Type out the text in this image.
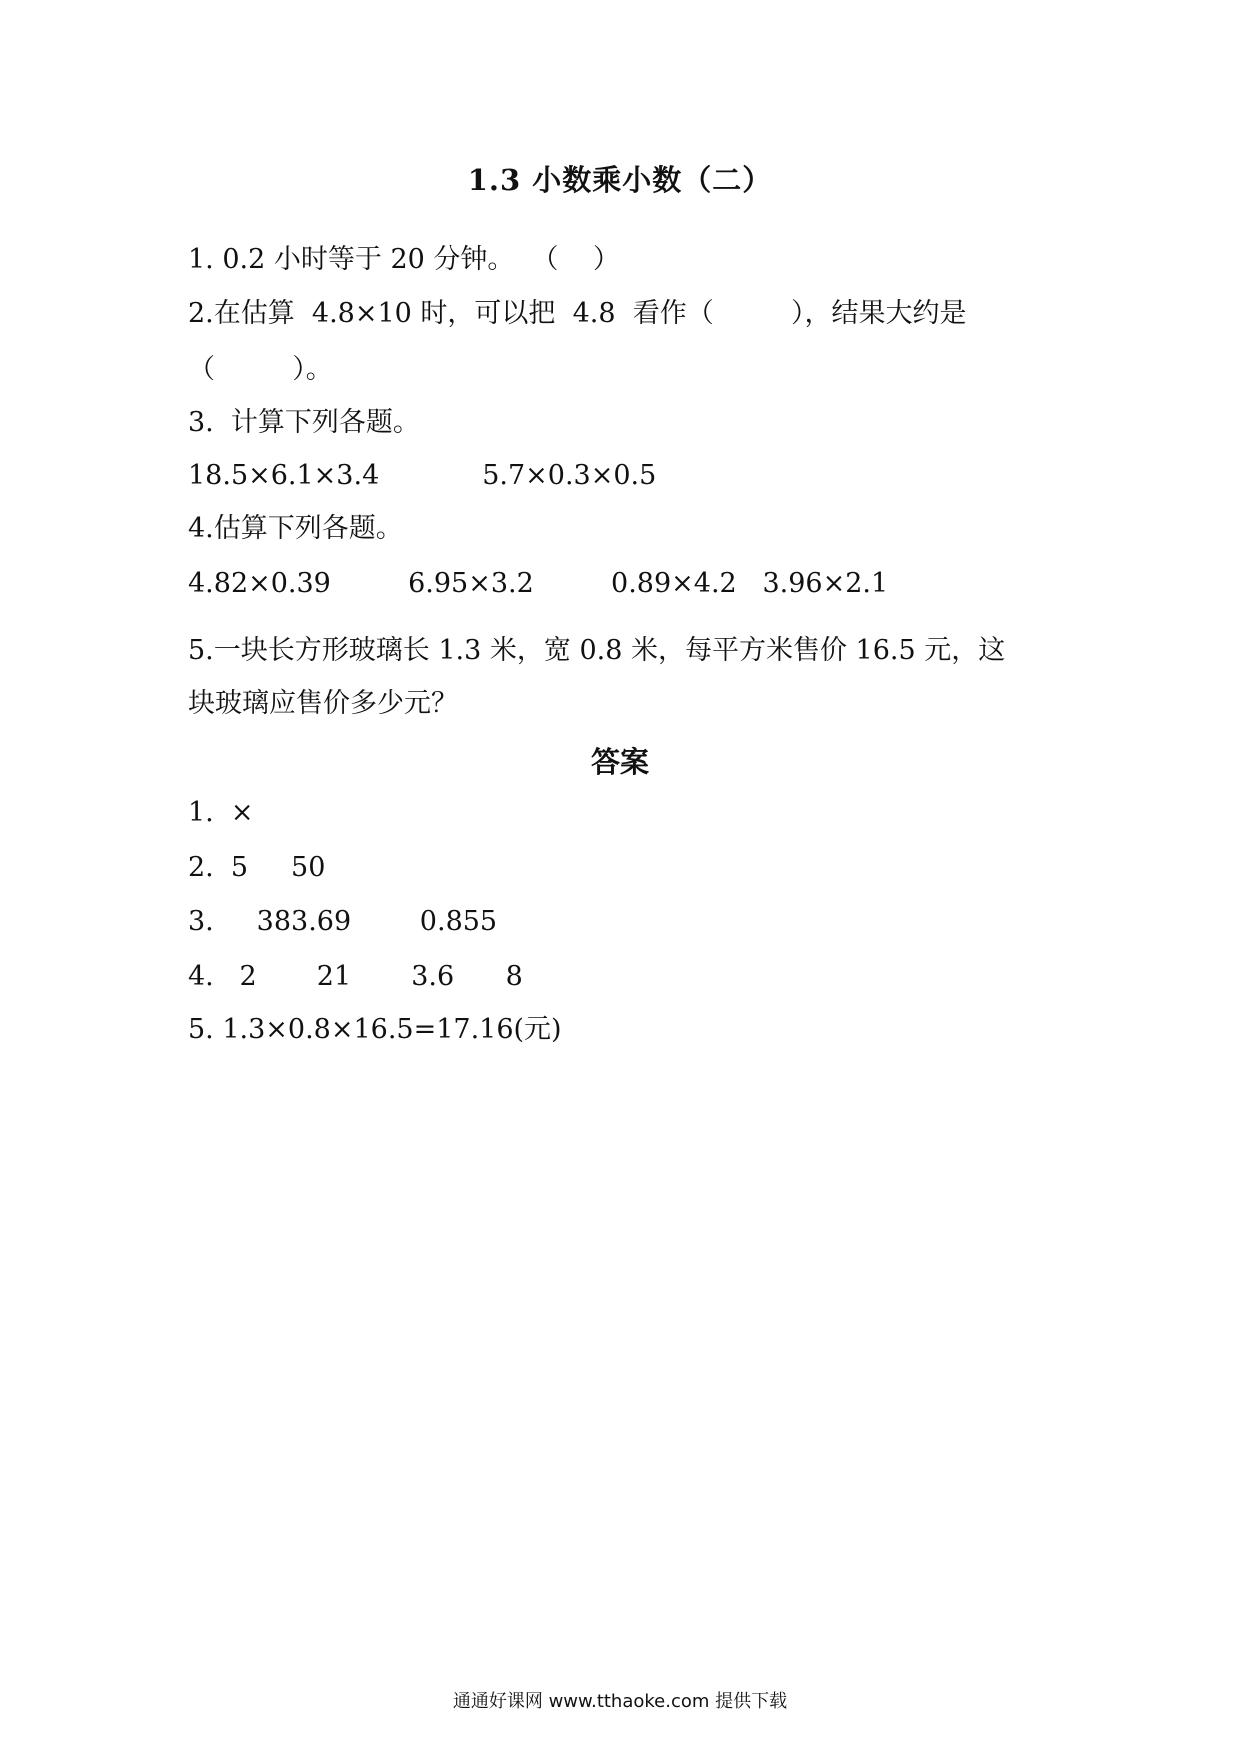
1.3 小数乘小数（二）
1. 0.2 小时等于 20 分钟。  （    ）
2.在估算  4.8×10 时，可以把  4.8  看作（         ），结果大约是
（         ）。
3.  计算下列各题。
18.5×6.1×3.4            5.7×0.3×0.5
4.估算下列各题。
4.82×0.39         6.95×3.2         0.89×4.2   3.96×2.1
5.一块长方形玻璃长 1.3 米，宽 0.8 米，每平方米售价 16.5 元，这
块玻璃应售价多少元？
答案
1.  ×
2.  5     50
3.     383.69        0.855
4.   2       21       3.6      8
5. 1.3×0.8×16.5=17.16(元)
通通好课网 www.tthaoke.com 提供下载
